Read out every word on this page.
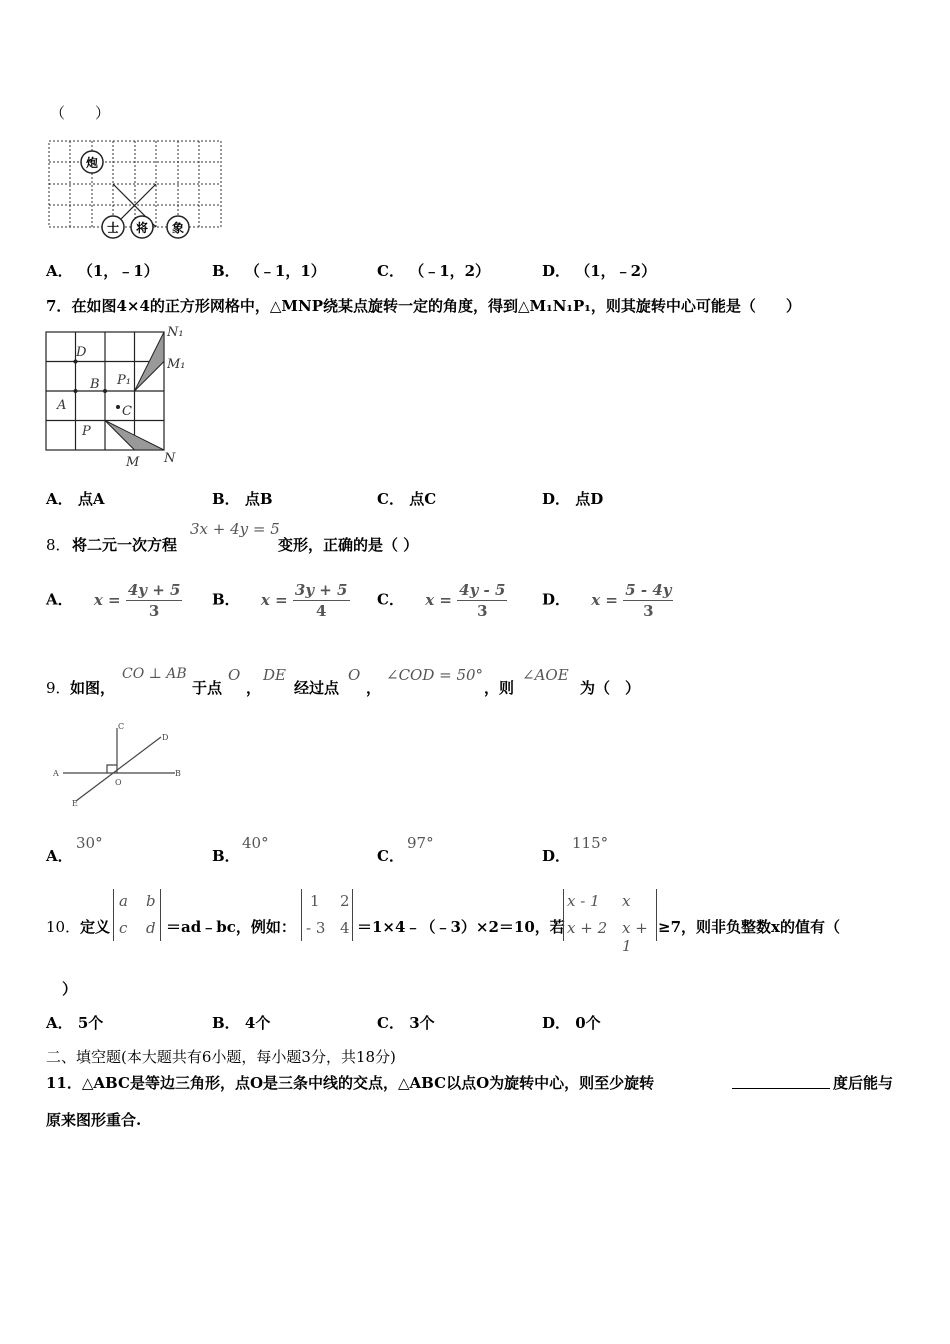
（　　）
炮
士 将 象
A． （1，﹣1）	B． （﹣1，1）	C． （﹣1，2）	D． （1，﹣2）
7．在如图4×4的正方形网格中，△MNP绕某点旋转一定的角度，得到△M₁N₁P₁，则其旋转中心可能是（　　）
N₁
M₁
D
B P₁
A	C
P
M N
A． 点A	B． 点B	C． 点C	D． 点D
8． 将二元一次方程
3x + 4y = 5
变形，正确的是（ ）
A． $x = \frac{4y + 5}{3}$ B． $x = \frac{3y + 5}{4}$ C． $x = \frac{4y - 5}{3}$ D． $x = \frac{5 - 4y}{3}$
9． 如图，
CO ⊥ AB
于点
O
，
DE
经过点
O
，
∠COD = 50°
，则
∠AOE
为（　）
C
D
A	B
O
E
A．
30°
B．
40°
C．
97°
D．
115°
10． 定义
a b
c d ＝ad﹣bc，例如：
1 2
- 3 4 ＝1×4﹣（﹣3）×2＝10，若
x - 1 x
x + 2 x + 1
≥7，则非负整数x的值有（
）
A． 5个	B． 4个	C． 3个	D． 0个
二、填空题(本大题共有6小题，每小题3分，共18分)
11．△ABC是等边三角形，点O是三条中线的交点，△ABC以点O为旋转中心，则至少旋转	度后能与
原来图形重合.
